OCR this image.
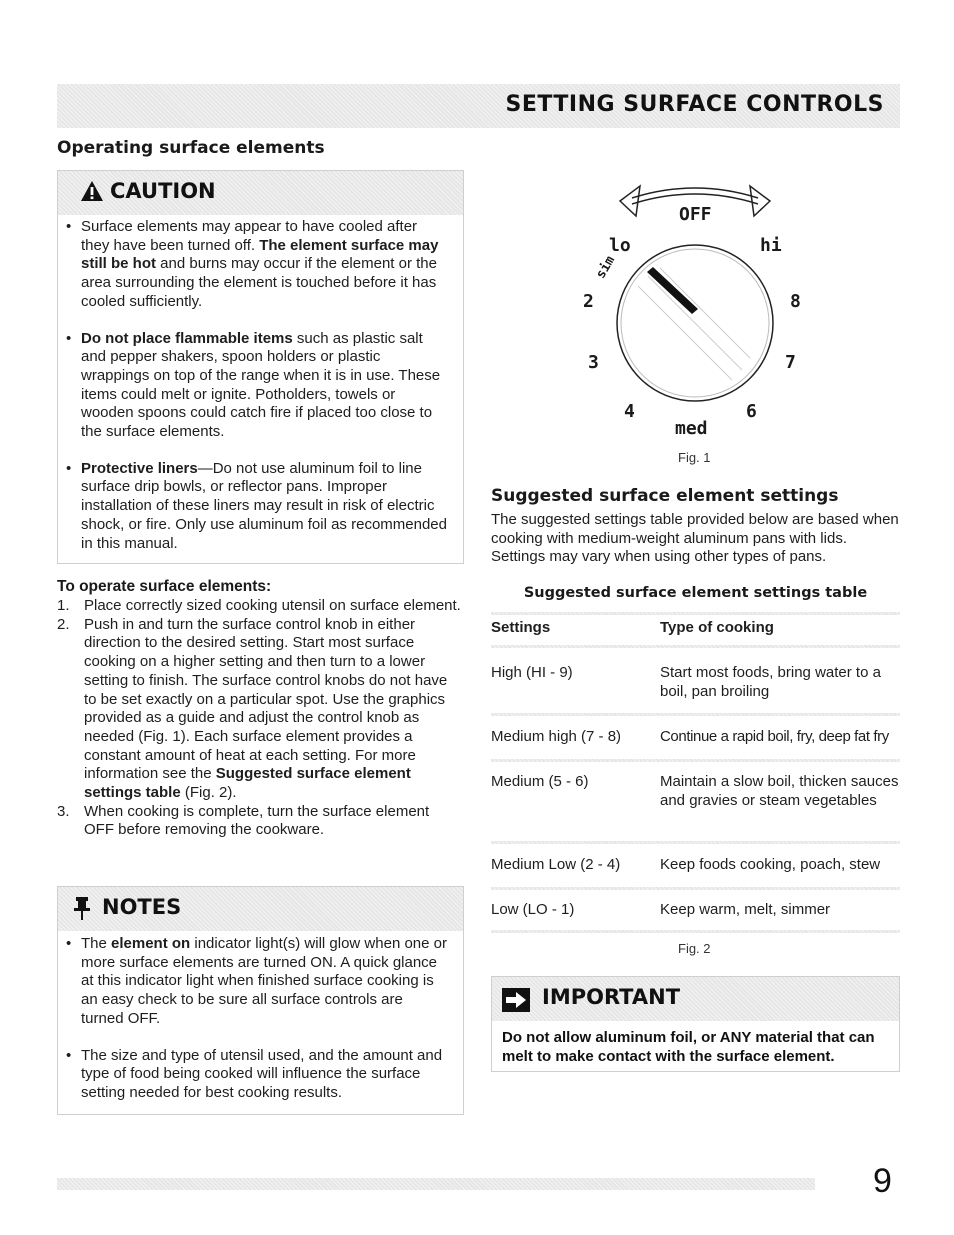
SETTING SURFACE CONTROLS
Operating surface elements
CAUTION
• Surface elements may appear to have cooled after they have been turned off. The element surface may still be hot and burns may occur if the element or the area surrounding the element is touched before it has cooled sufficiently.
• Do not place flammable items such as plastic salt and pepper shakers, spoon holders or plastic wrappings on top of the range when it is in use. These items could melt or ignite. Potholders, towels or wooden spoons could catch fire if placed too close to the surface elements.
• Protective liners—Do not use aluminum foil to line surface drip bowls, or reflector pans. Improper installation of these liners may result in risk of electric shock, or fire. Only use aluminum foil as recommended in this manual.
To operate surface elements:
1. Place correctly sized cooking utensil on surface element.
2. Push in and turn the surface control knob in either direction to the desired setting. Start most surface cooking on a higher setting and then turn to a lower setting to finish. The surface control knobs do not have to be set exactly on a particular spot. Use the graphics provided as a guide and adjust the control knob as needed (Fig. 1). Each surface element provides a constant amount of heat at each setting. For more information see the Suggested surface element settings table (Fig. 2).
3. When cooking is complete, turn the surface element OFF before removing the cookware.
NOTES
• The element on indicator light(s) will glow when one or more surface elements are turned ON. A quick glance at this indicator light when finished surface cooking is an easy check to be sure all surface controls are turned OFF.
• The size and type of utensil used, and the amount and type of food being cooked will influence the surface setting needed for best cooking results.
OFF
lo	hi
sim
2	8
3	7
4	6
med
Fig. 1
Suggested surface element settings
The suggested settings table provided below are based when cooking with medium-weight aluminum pans with lids. Settings may vary when using other types of pans.
Suggested surface element settings table
Settings	Type of cooking
High (HI - 9)	Start most foods, bring water to a boil, pan broiling
Medium high (7 - 8)	Continue a rapid boil, fry, deep fat fry
Medium (5 - 6)	Maintain a slow boil, thicken sauces and gravies or steam vegetables
Medium Low (2 - 4)	Keep foods cooking, poach, stew
Low (LO - 1)	Keep warm, melt, simmer
Fig. 2
IMPORTANT
Do not allow aluminum foil, or ANY material that can melt to make contact with the surface element.
9
